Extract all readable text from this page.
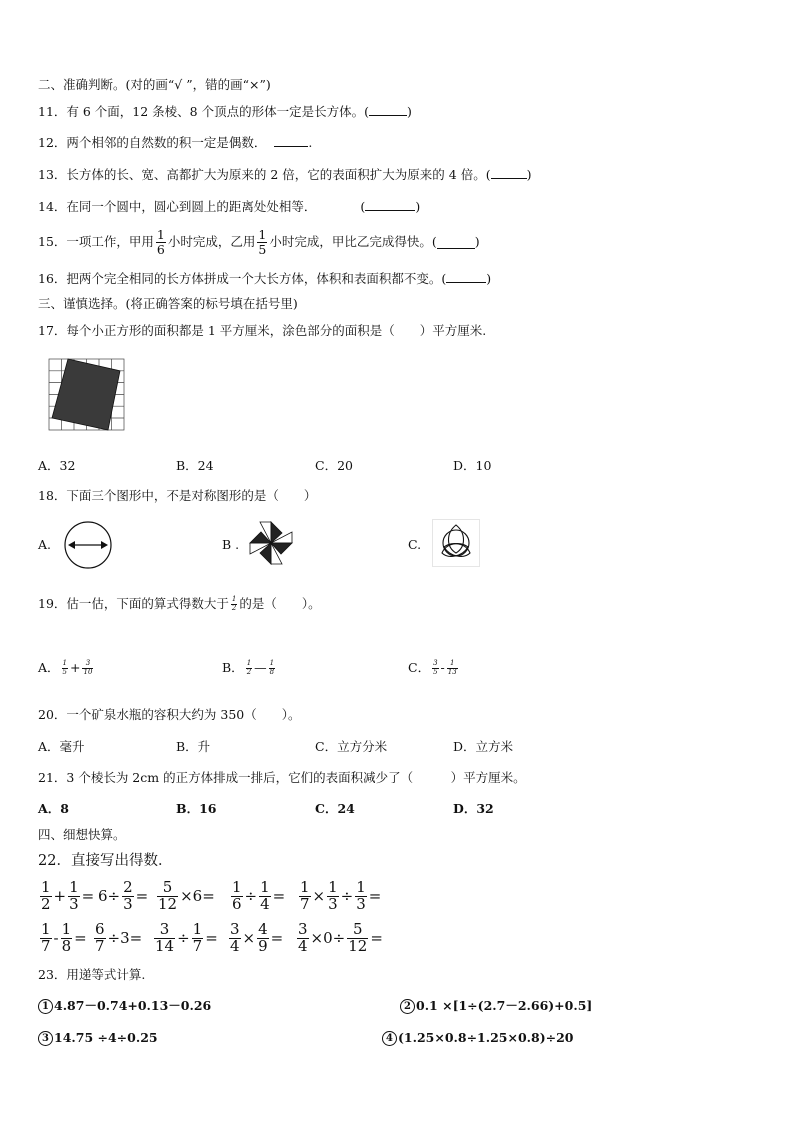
二、准确判断。(对的画“√ ”，错的画“×”)
11．有 6 个面，12 条棱、8 个顶点的形体一定是长方体。(	)
12．两个相邻的自然数的积一定是偶数．	.
13．长方体的长、宽、高都扩大为原来的 2 倍，它的表面积扩大为原来的 4 倍。(	)
14．在同一个圆中，圆心到圆上的距离处处相等．	(	)
15．一项工作，甲用 $\frac{1}{6}$ 小时完成，乙用 $\frac{1}{5}$ 小时完成，甲比乙完成得快。(	)
16．把两个完全相同的长方体拼成一个大长方体，体积和表面积都不变。(	)
三、谨慎选择。(将正确答案的标号填在括号里)
17．每个小正方形的面积都是 1 平方厘米，涂色部分的面积是（　　）平方厘米.
A．32	B．24	C．20	D．10
18．下面三个图形中，不是对称图形的是（　　）
A.	B .	C.
19．估一估，下面的算式得数大于 $\frac{1}{2}$ 的是（　　）。
A． $\frac{1}{5} + \frac{3}{10}$	B． $\frac{1}{2}$ — $\frac{1}{8}$	C． $\frac{3}{5} - \frac{1}{13}$
20．一个矿泉水瓶的容积大约为 350（　　）。
A．毫升	B．升	C．立方分米	D．立方米
21．3 个棱长为 2cm 的正方体排成一排后，它们的表面积减少了（　　　）平方厘米。
A．8	B．16	C．24	D．32
四、细想快算。
22．直接写出得数．
$\frac{1}{2} + \frac{1}{3} = 6\div \frac{2}{3} = \frac{5}{12} \times 6= \frac{1}{6} \div \frac{1}{4} = \frac{1}{7} \times \frac{1}{3} \div \frac{1}{3}$ =
$\frac{1}{7} - \frac{1}{8} = \frac{6}{7} \div 3= \frac{3}{14} \div \frac{1}{7} = \frac{3}{4} \times \frac{4}{9} = \frac{3}{4} \times 0\div \frac{5}{12}$ =
23．用递等式计算.
1 4.87－0.74+0.13－0.26	2 0.1 ×[1÷(2.7－2.66)+0.5]
3 14.75 ÷4÷0.25	4 (1.25×0.8÷1.25×0.8)÷20
